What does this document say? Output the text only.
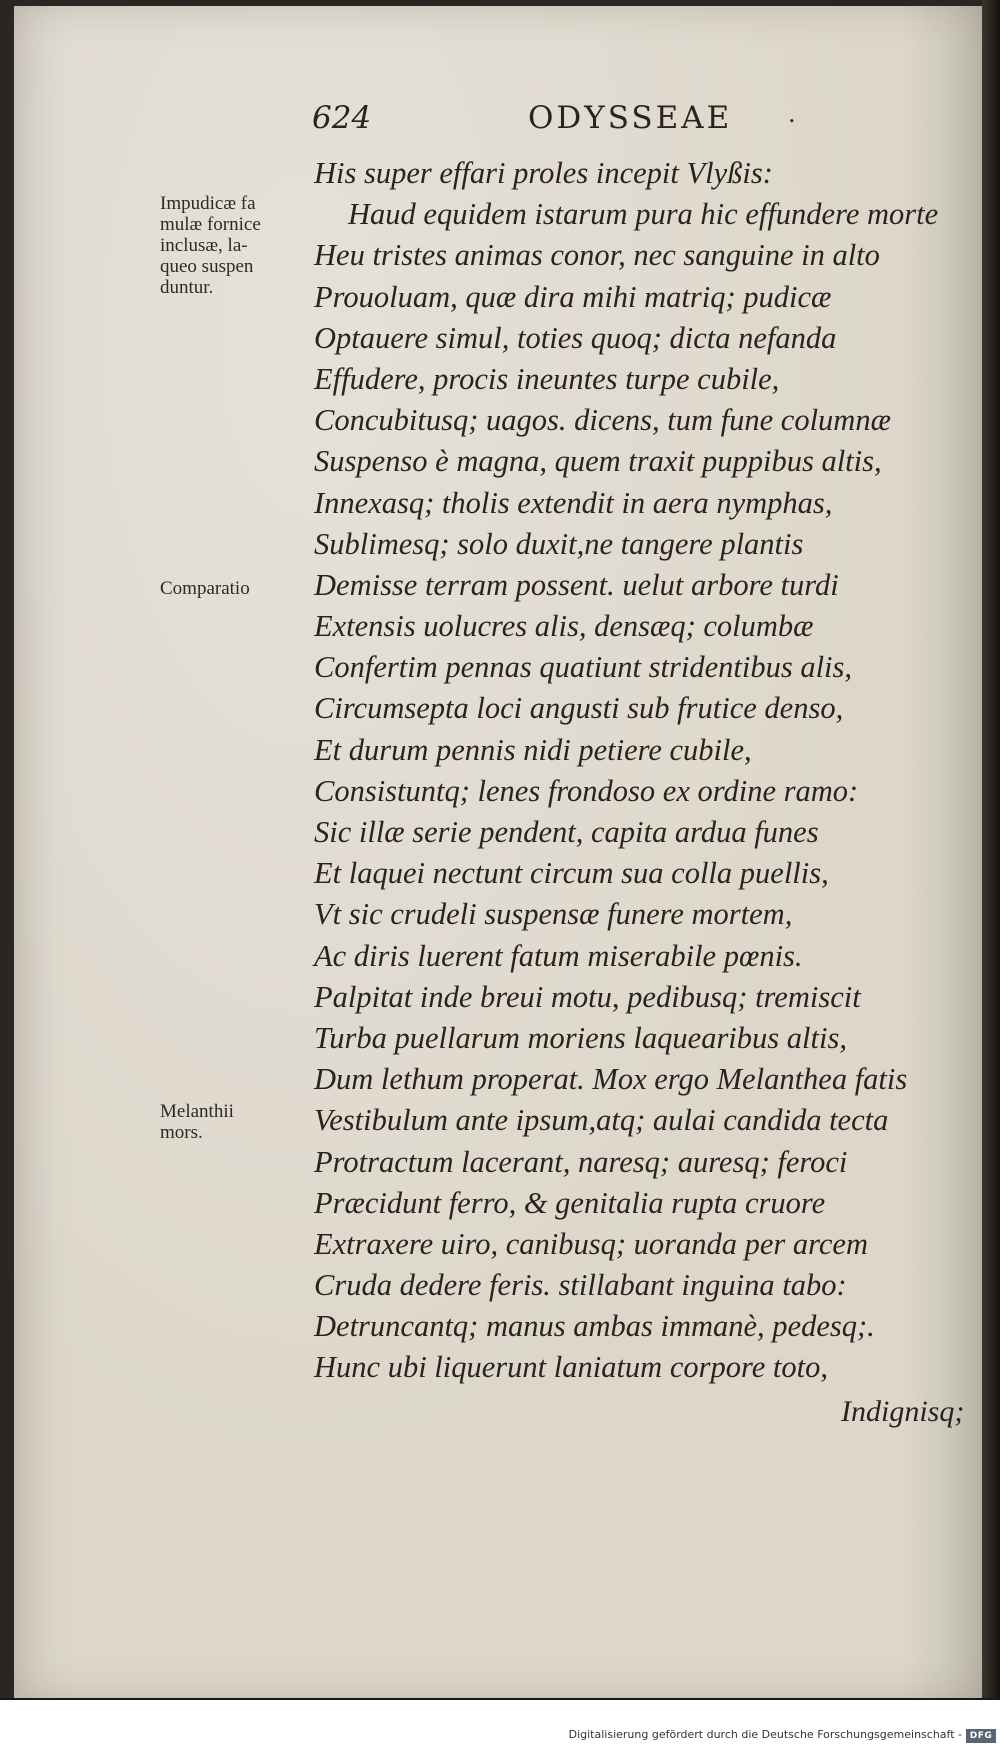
624	ODYSSEAE .
Impudicæ fa
mulæ fornice
inclusæ, la-
queo suspen
duntur.
Comparatio
Melanthii
mors.
His super effari proles incepit Vlyßis:
Haud equidem istarum pura hic effundere morte
Heu tristes animas conor, nec sanguine in alto
Prouoluam, quæ dira mihi matriq; pudicæ
Optauere simul, toties quoq; dicta nefanda
Effudere, procis ineuntes turpe cubile,
Concubitusq; uagos. dicens, tum fune columnæ
Suspenso è magna, quem traxit puppibus altis,
Innexasq; tholis extendit in aera nymphas,
Sublimesq; solo duxit,ne tangere plantis
Demisse terram possent. uelut arbore turdi
Extensis uolucres alis, densæq; columbæ
Confertim pennas quatiunt stridentibus alis,
Circumsepta loci angusti sub frutice denso,
Et durum pennis nidi petiere cubile,
Consistuntq; lenes frondoso ex ordine ramo:
Sic illæ serie pendent, capita ardua funes
Et laquei nectunt circum sua colla puellis,
Vt sic crudeli suspensæ funere mortem,
Ac diris luerent fatum miserabile pœnis.
Palpitat inde breui motu, pedibusq; tremiscit
Turba puellarum moriens laquearibus altis,
Dum lethum properat. Mox ergo Melanthea fatis
Vestibulum ante ipsum,atq; aulai candida tecta
Protractum lacerant, naresq; auresq; feroci
Præcidunt ferro, & genitalia rupta cruore
Extraxere uiro, canibusq; uoranda per arcem
Cruda dedere feris. stillabant inguina tabo:
Detruncantq; manus ambas immanè, pedesq;.
Hunc ubi liquerunt laniatum corpore toto,
Indignisq;
Digitalisierung gefördert durch die Deutsche Forschungsgemeinschaft - DFG
